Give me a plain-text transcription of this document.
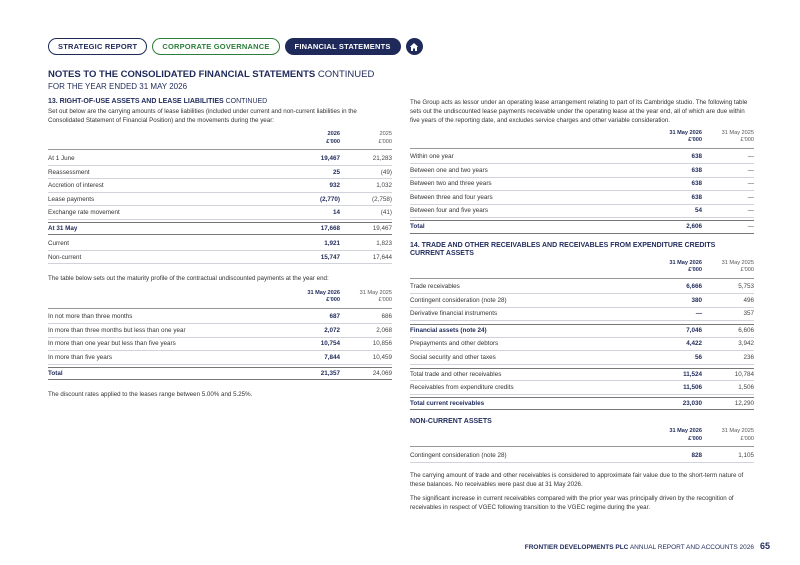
STRATEGIC REPORT	CORPORATE GOVERNANCE	FINANCIAL STATEMENTS
NOTES TO THE CONSOLIDATED FINANCIAL STATEMENTS CONTINUED
FOR THE YEAR ENDED 31 MAY 2026
13. RIGHT-OF-USE ASSETS AND LEASE LIABILITIES CONTINUED
Set out below are the carrying amounts of lease liabilities (included under current and non-current liabilities in the Consolidated Statement of Financial Position) and the movements during the year:
2026
£'000
2025
£'000
At 1 June	19,467	21,283
Reassessment	25	(49)
Accretion of interest	932	1,032
Lease payments	(2,770)	(2,758)
Exchange rate movement	14	(41)
At 31 May	17,668	19,467
Current	1,921	1,823
Non-current	15,747	17,644
The table below sets out the maturity profile of the contractual undiscounted payments at the year end:
31 May 2026
£'000
31 May 2025
£'000
In not more than three months	687	686
In more than three months but less than one year	2,072	2,068
In more than one year but less than five years	10,754	10,856
In more than five years	7,844	10,459
Total	21,357	24,069
The discount rates applied to the leases range between 5.00% and 5.25%.
The Group acts as lessor under an operating lease arrangement relating to part of its Cambridge studio. The following table sets out the undiscounted lease payments receivable under the operating lease at the year end, all of which are due within five years of the reporting date, and excludes service charges and other variable consideration.
31 May 2026
£'000
31 May 2025
£'000
Within one year	638	—
Between one and two years	638	—
Between two and three years	638	—
Between three and four years	638	—
Between four and five years	54	—
Total	2,606	—
14. TRADE AND OTHER RECEIVABLES AND RECEIVABLES FROM EXPENDITURE CREDITS
CURRENT ASSETS
31 May 2026
£'000
31 May 2025
£'000
Trade receivables	6,666	5,753
Contingent consideration (note 28)	380	496
Derivative financial instruments	—	357
Financial assets (note 24)	7,046	6,606
Prepayments and other debtors	4,422	3,942
Social security and other taxes	56	236
Total trade and other receivables	11,524	10,784
Receivables from expenditure credits	11,506	1,506
Total current receivables	23,030	12,290
NON-CURRENT ASSETS
31 May 2026
£'000
31 May 2025
£'000
Contingent consideration (note 28)	828	1,105
The carrying amount of trade and other receivables is considered to approximate fair value due to the short-term nature of these balances. No receivables were past due at 31 May 2026.
The significant increase in current receivables compared with the prior year was principally driven by the recognition of receivables in respect of VGEC following transition to the VGEC regime during the year.
FRONTIER DEVELOPMENTS PLC ANNUAL REPORT AND ACCOUNTS 2026 65
